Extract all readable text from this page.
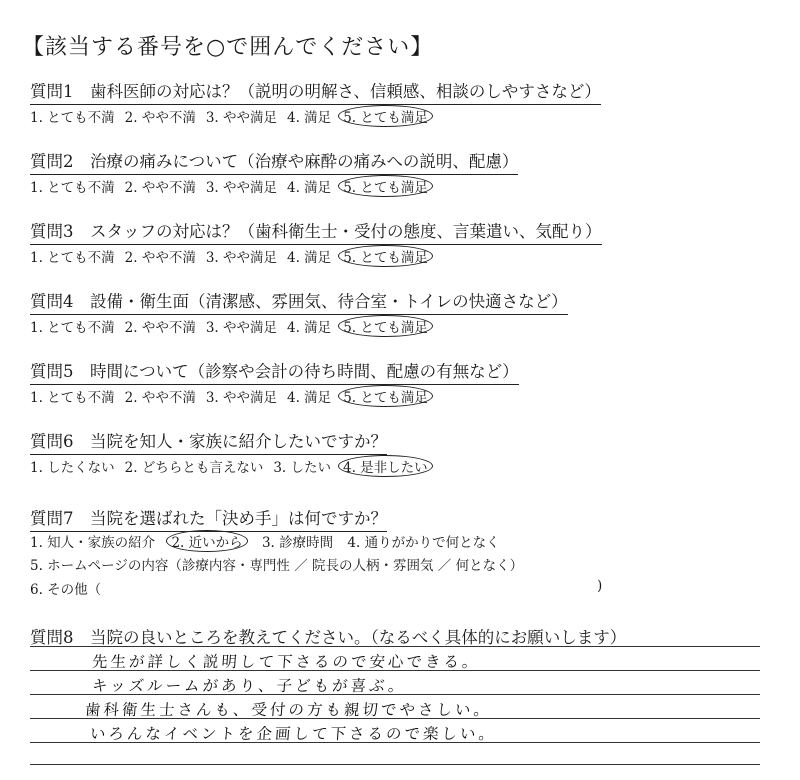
【該当する番号を○で囲んでください】
質問1　歯科医師の対応は？（説明の明解さ、信頼感、相談のしやすさなど）
1. とても不満 2. やや不満 3. やや満足 4. 満足 5. とても満足
質問2　治療の痛みについて（治療や麻酔の痛みへの説明、配慮）
1. とても不満 2. やや不満 3. やや満足 4. 満足 5. とても満足
質問3　スタッフの対応は？（歯科衛生士・受付の態度、言葉遣い、気配り）
1. とても不満 2. やや不満 3. やや満足 4. 満足 5. とても満足
質問4　設備・衛生面（清潔感、雰囲気、待合室・トイレの快適さなど）
1. とても不満 2. やや不満 3. やや満足 4. 満足 5. とても満足
質問5　時間について（診察や会計の待ち時間、配慮の有無など）
1. とても不満 2. やや不満 3. やや満足 4. 満足 5. とても満足
質問6　当院を知人・家族に紹介したいですか？
1. したくない 2. どちらとも言えない 3. したい 4. 是非したい
質問7　当院を選ばれた「決め手」は何ですか？
1. 知人・家族の紹介 2. 近いから 3. 診療時間 4. 通りがかりで何となく
5. ホームページの内容（診療内容・専門性 ／ 院長の人柄・雰囲気 ／ 何となく）
6. その他（	)
質問8　当院の良いところを教えてください。（なるべく具体的にお願いします）
先生が詳しく説明して下さるので安心できる。
キッズルームがあり、子どもが喜ぶ。
歯科衛生士さんも、受付の方も親切でやさしい。
いろんなイベントを企画して下さるので楽しい。
